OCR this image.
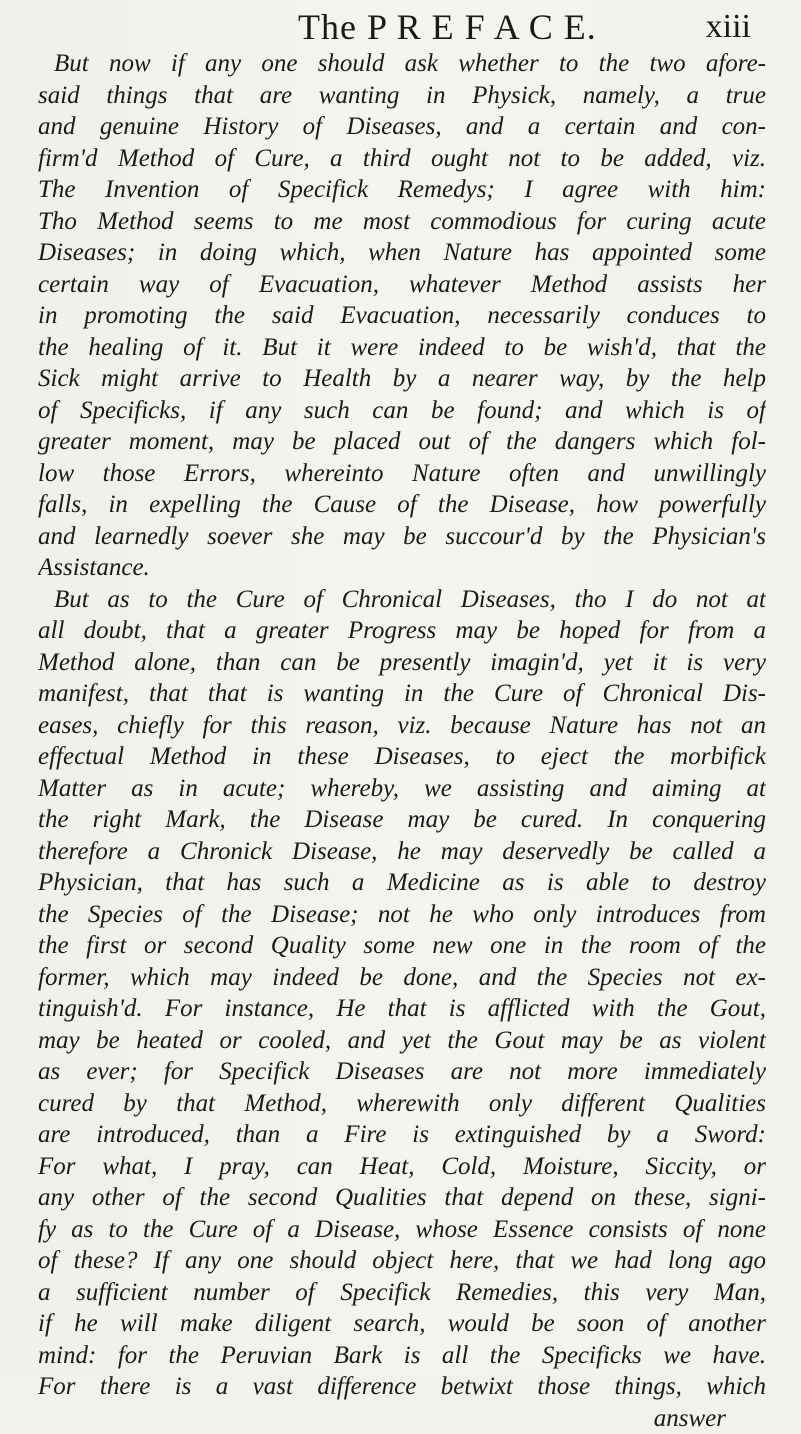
The P R E F A C E.	xiii
But now if any one should ask whether to the two afore-
said things that are wanting in Physick, namely, a true
and genuine History of Diseases, and a certain and con-
firm'd Method of Cure, a third ought not to be added, viz.
The Invention of Specifick Remedys; I agree with him:
Tho Method seems to me most commodious for curing acute
Diseases; in doing which, when Nature has appointed some
certain way of Evacuation, whatever Method assists her
in promoting the said Evacuation, necessarily conduces to
the healing of it. But it were indeed to be wish'd, that the
Sick might arrive to Health by a nearer way, by the help
of Specificks, if any such can be found; and which is of
greater moment, may be placed out of the dangers which fol-
low those Errors, whereinto Nature often and unwillingly
falls, in expelling the Cause of the Disease, how powerfully
and learnedly soever she may be succour'd by the Physician's
Assistance.
But as to the Cure of Chronical Diseases, tho I do not at
all doubt, that a greater Progress may be hoped for from a
Method alone, than can be presently imagin'd, yet it is very
manifest, that that is wanting in the Cure of Chronical Dis-
eases, chiefly for this reason, viz. because Nature has not an
effectual Method in these Diseases, to eject the morbifick
Matter as in acute; whereby, we assisting and aiming at
the right Mark, the Disease may be cured. In conquering
therefore a Chronick Disease, he may deservedly be called a
Physician, that has such a Medicine as is able to destroy
the Species of the Disease; not he who only introduces from
the first or second Quality some new one in the room of the
former, which may indeed be done, and the Species not ex-
tinguish'd. For instance, He that is afflicted with the Gout,
may be heated or cooled, and yet the Gout may be as violent
as ever; for Specifick Diseases are not more immediately
cured by that Method, wherewith only different Qualities
are introduced, than a Fire is extinguished by a Sword:
For what, I pray, can Heat, Cold, Moisture, Siccity, or
any other of the second Qualities that depend on these, signi-
fy as to the Cure of a Disease, whose Essence consists of none
of these? If any one should object here, that we had long ago
a sufficient number of Specifick Remedies, this very Man,
if he will make diligent search, would be soon of another
mind: for the Peruvian Bark is all the Specificks we have.
For there is a vast difference betwixt those things, which
answer
